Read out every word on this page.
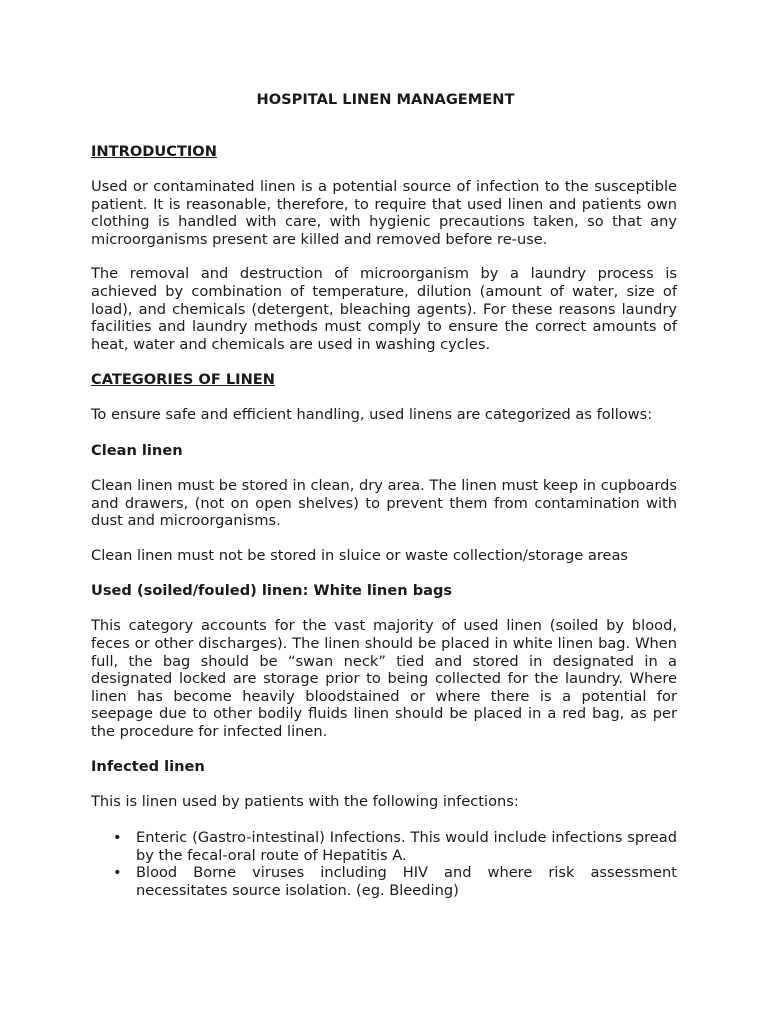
HOSPITAL LINEN MANAGEMENT
INTRODUCTION

Used or contaminated linen is a potential source of infection to the susceptible patient. It is reasonable, therefore, to require that used linen and patients own clothing is handled with care, with hygienic precautions taken, so that any microorganisms present are killed and removed before re-use.

The removal and destruction of microorganism by a laundry process is achieved by combination of temperature, dilution (amount of water, size of load), and chemicals (detergent, bleaching agents). For these reasons laundry facilities and laundry methods must comply to ensure the correct amounts of heat, water and chemicals are used in washing cycles.

CATEGORIES OF LINEN

To ensure safe and efficient handling, used linens are categorized as follows:

Clean linen

Clean linen must be stored in clean, dry area. The linen must keep in cupboards and drawers, (not on open shelves) to prevent them from contamination with dust and microorganisms.

Clean linen must not be stored in sluice or waste collection/storage areas

Used (soiled/fouled) linen: White linen bags

This category accounts for the vast majority of used linen (soiled by blood, feces or other discharges). The linen should be placed in white linen bag. When full, the bag should be “swan neck” tied and stored in designated in a designated locked are storage prior to being collected for the laundry. Where linen has become heavily bloodstained or where there is a potential for seepage due to other bodily fluids linen should be placed in a red bag, as per the procedure for infected linen.

Infected linen

This is linen used by patients with the following infections:

• Enteric (Gastro-intestinal) Infections. This would include infections spread by the fecal-oral route of Hepatitis A.
• Blood Borne viruses including HIV and where risk assessment necessitates source isolation. (eg. Bleeding)
